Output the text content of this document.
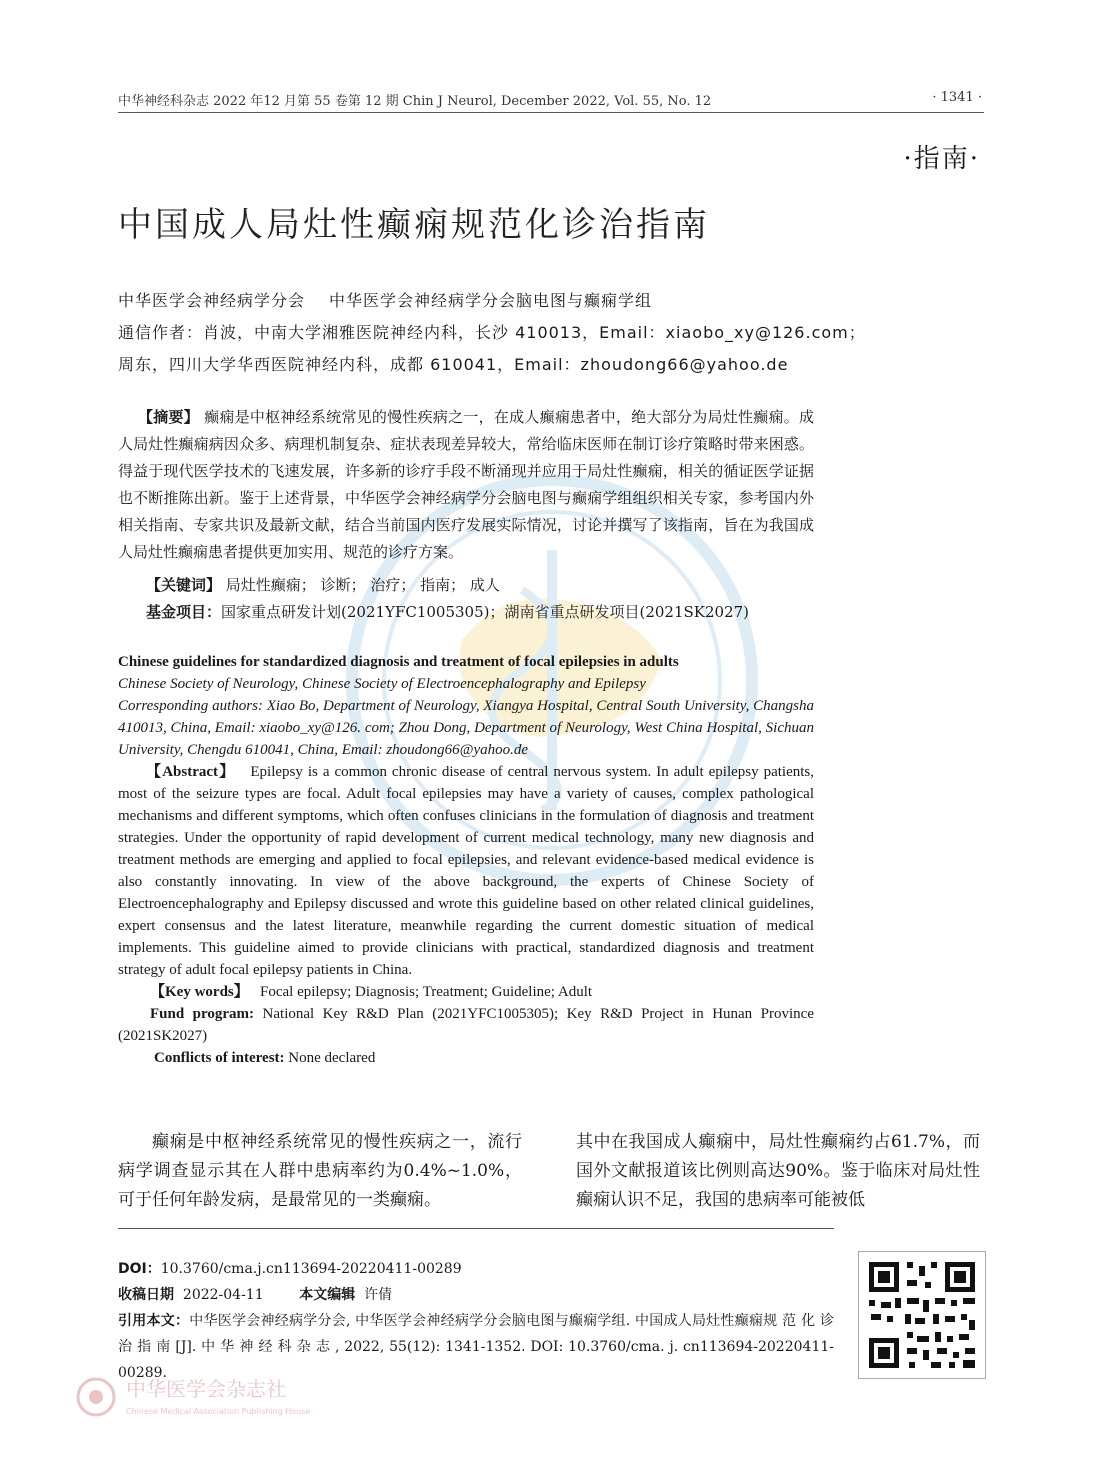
中华神经科杂志 2022 年12 月第 55 卷第 12 期 Chin J Neurol, December 2022, Vol. 55, No. 12	· 1341 ·
·指南·
中国成人局灶性癫痫规范化诊治指南
中华医学会神经病学分会 中华医学会神经病学分会脑电图与癫痫学组
通信作者：肖波，中南大学湘雅医院神经内科，长沙 410013，Email：xiaobo_xy@126.com；
周东，四川大学华西医院神经内科，成都 610041，Email：zhoudong66@yahoo.de

【摘要】 癫痫是中枢神经系统常见的慢性疾病之一，在成人癫痫患者中，绝大部分为局灶性癫痫。成人局灶性癫痫病因众多、病理机制复杂、症状表现差异较大，常给临床医师在制订诊疗策略时带来困惑。得益于现代医学技术的飞速发展，许多新的诊疗手段不断涌现并应用于局灶性癫痫，相关的循证医学证据也不断推陈出新。鉴于上述背景，中华医学会神经病学分会脑电图与癫痫学组组织相关专家，参考国内外相关指南、专家共识及最新文献，结合当前国内医疗发展实际情况，讨论并撰写了该指南，旨在为我国成人局灶性癫痫患者提供更加实用、规范的诊疗方案。

【关键词】 局灶性癫痫； 诊断； 治疗； 指南； 成人
基金项目：国家重点研发计划(2021YFC1005305)；湖南省重点研发项目(2021SK2027)

Chinese guidelines for standardized diagnosis and treatment of focal epilepsies in adults

Chinese Society of Neurology, Chinese Society of Electroencephalography and Epilepsy

Corresponding authors: Xiao Bo, Department of Neurology, Xiangya Hospital, Central South University, Changsha 410013, China, Email: xiaobo_xy@126. com; Zhou Dong, Department of Neurology, West China Hospital, Sichuan University, Chengdu 610041, China, Email: zhoudong66@yahoo.de

【Abstract】 Epilepsy is a common chronic disease of central nervous system. In adult epilepsy patients, most of the seizure types are focal. Adult focal epilepsies may have a variety of causes, complex pathological mechanisms and different symptoms, which often confuses clinicians in the formulation of diagnosis and treatment strategies. Under the opportunity of rapid development of current medical technology, many new diagnosis and treatment methods are emerging and applied to focal epilepsies, and relevant evidence-based medical evidence is also constantly innovating. In view of the above background, the experts of Chinese Society of Electroencephalography and Epilepsy discussed and wrote this guideline based on other related clinical guidelines, expert consensus and the latest literature, meanwhile regarding the current domestic situation of medical implements. This guideline aimed to provide clinicians with practical, standardized diagnosis and treatment strategy of adult focal epilepsy patients in China.

【Key words】 Focal epilepsy; Diagnosis; Treatment; Guideline; Adult

Fund program: National Key R&D Plan (2021YFC1005305); Key R&D Project in Hunan Province (2021SK2027)

Conflicts of interest: None declared

癫痫是中枢神经系统常见的慢性疾病之一，流行病学调查显示其在人群中患病率约为0.4%~1.0%，可于任何年龄发病，是最常见的一类癫痫。
其中在我国成人癫痫中，局灶性癫痫约占61.7%，而国外文献报道该比例则高达90%。鉴于临床对局灶性癫痫认识不足，我国的患病率可能被低
DOI：10.3760/cma.j.cn113694-20220411-00289
收稿日期 2022-04-11	本文编辑 许倩
引用本文：中华医学会神经病学分会, 中华医学会神经病学分会脑电图与癫痫学组. 中国成人局灶性癫痫规 范 化 诊 治 指 南 [J]. 中 华 神 经 科 杂 志 , 2022, 55(12): 1341-1352. DOI: 10.3760/cma. j. cn113694-20220411-00289.
中华医学会杂志社
Chinese Medical Association Publishing House
